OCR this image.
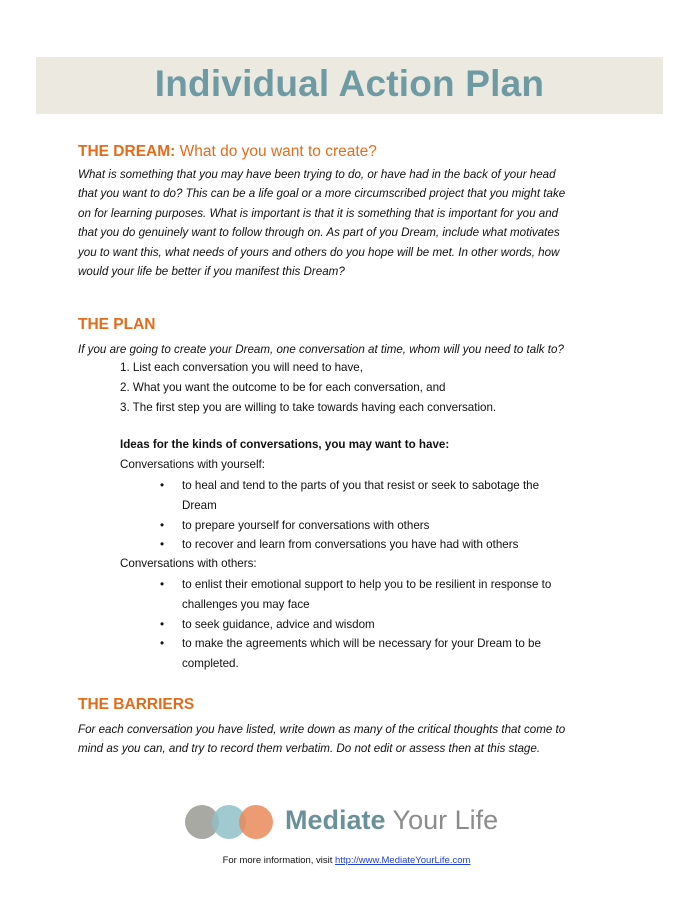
Individual Action Plan
THE DREAM: What do you want to create?
What is something that you may have been trying to do, or have had in the back of your head
that you want to do? This can be a life goal or a more circumscribed project that you might take
on for learning purposes. What is important is that it is something that is important for you and
that you do genuinely want to follow through on. As part of you Dream, include what motivates
you to want this, what needs of yours and others do you hope will be met. In other words, how
would your life be better if you manifest this Dream?
THE PLAN
If you are going to create your Dream, one conversation at time, whom will you need to talk to?
1. List each conversation you will need to have,
2. What you want the outcome to be for each conversation, and
3. The first step you are willing to take towards having each conversation.
Ideas for the kinds of conversations, you may want to have:
Conversations with yourself:
• to heal and tend to the parts of you that resist or seek to sabotage the
Dream
• to prepare yourself for conversations with others
• to recover and learn from conversations you have had with others
Conversations with others:
• to enlist their emotional support to help you to be resilient in response to
challenges you may face
• to seek guidance, advice and wisdom
• to make the agreements which will be necessary for your Dream to be
completed.
THE BARRIERS
For each conversation you have listed, write down as many of the critical thoughts that come to
mind as you can, and try to record them verbatim. Do not edit or assess then at this stage.
Mediate Your Life
For more information, visit http://www.MediateYourLife.com
